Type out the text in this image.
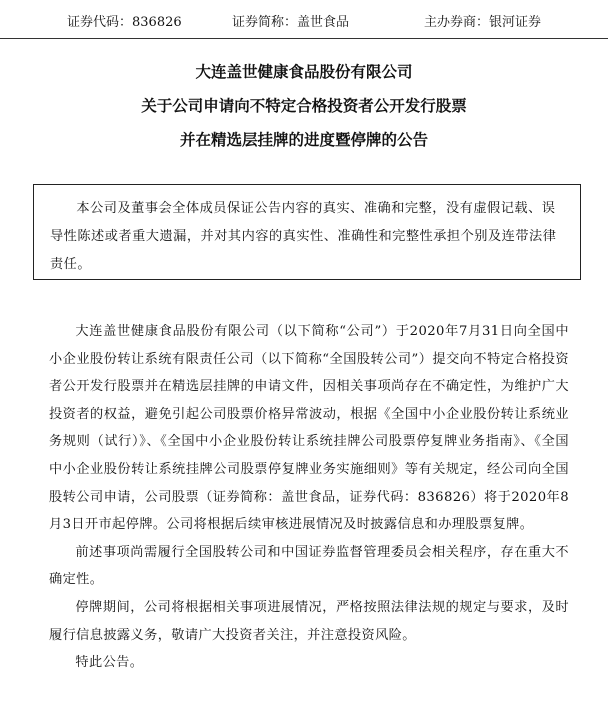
证券代码：836826	证券简称：盖世食品	主办券商：银河证券
大连盖世健康食品股份有限公司
关于公司申请向不特定合格投资者公开发行股票
并在精选层挂牌的进度暨停牌的公告
本公司及董事会全体成员保证公告内容的真实、准确和完整，没有虚假记载、误导性陈述或者重大遗漏，并对其内容的真实性、准确性和完整性承担个别及连带法律责任。

大连盖世健康食品股份有限公司（以下简称“公司”）于2020年7月31日向全国中小企业股份转让系统有限责任公司（以下简称“全国股转公司”）提交向不特定合格投资者公开发行股票并在精选层挂牌的申请文件，因相关事项尚存在不确定性，为维护广大投资者的权益，避免引起公司股票价格异常波动，根据《全国中小企业股份转让系统业务规则（试行）》、《全国中小企业股份转让系统挂牌公司股票停复牌业务指南》、《全国中小企业股份转让系统挂牌公司股票停复牌业务实施细则》等有关规定，经公司向全国股转公司申请，公司股票（证券简称：盖世食品，证券代码：836826）将于2020年8月3日开市起停牌。公司将根据后续审核进展情况及时披露信息和办理股票复牌。

前述事项尚需履行全国股转公司和中国证券监督管理委员会相关程序，存在重大不确定性。

停牌期间，公司将根据相关事项进展情况，严格按照法律法规的规定与要求，及时履行信息披露义务，敬请广大投资者关注，并注意投资风险。

特此公告。
